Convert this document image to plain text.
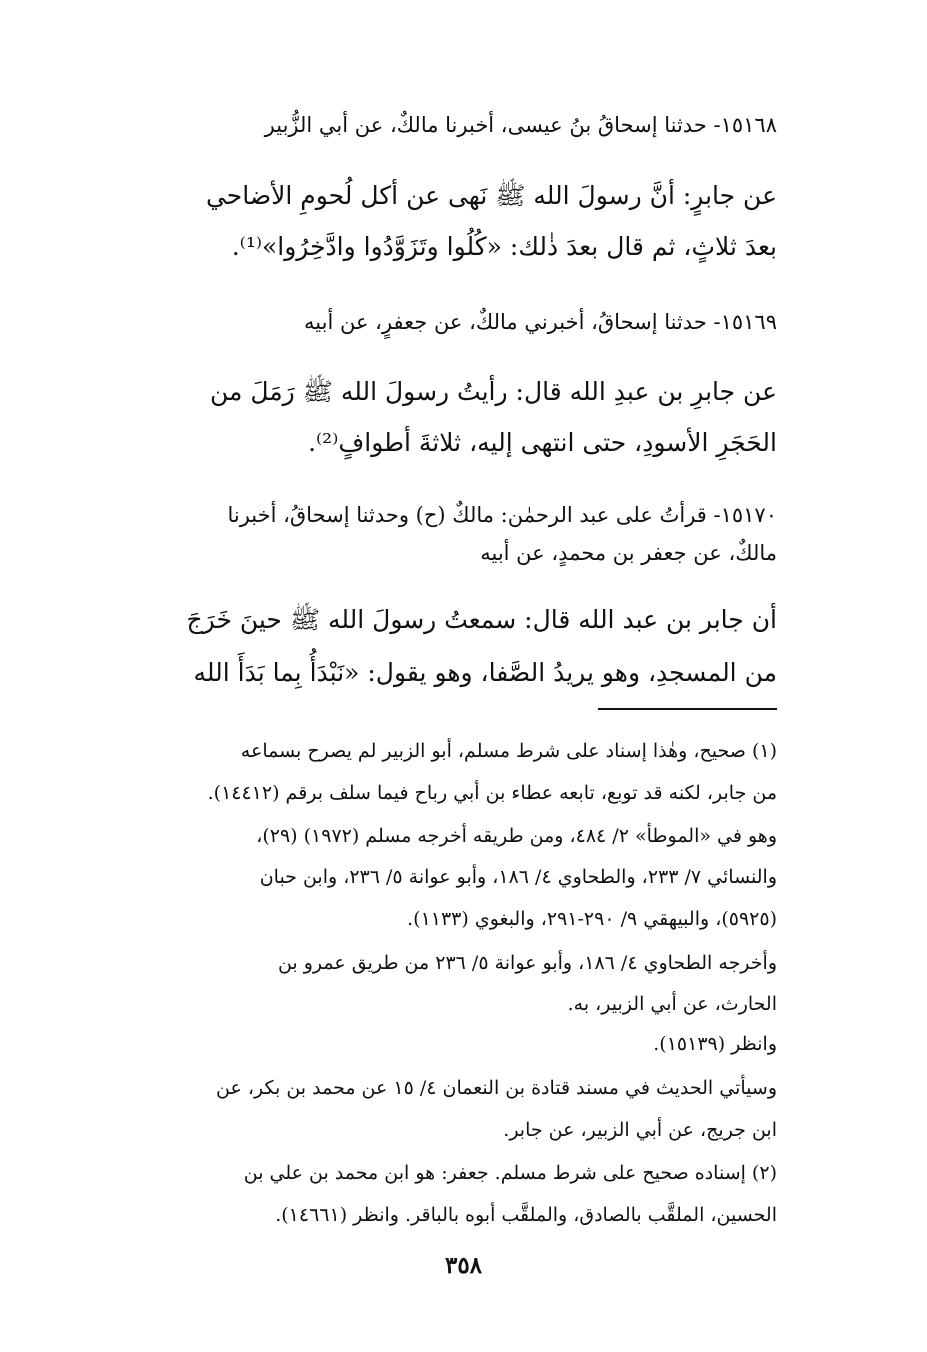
١٥١٦٨- حدثنا إسحاقُ بنُ عيسى، أخبرنا مالكٌ، عن أبي الزُّبير
عن جابرٍ: أنَّ رسولَ الله ﷺ نَهى عن أكل لُحومِ الأضاحي
بعدَ ثلاثٍ، ثم قال بعدَ ذٰلك: «كُلُوا وتَزَوَّدُوا وادَّخِرُوا»⁽¹⁾.
١٥١٦٩- حدثنا إسحاقُ، أخبرني مالكٌ، عن جعفرٍ، عن أبيه
عن جابرِ بن عبدِ الله قال: رأيتُ رسولَ الله ﷺ رَمَلَ من
الحَجَرِ الأسودِ، حتى انتهى إليه، ثلاثةَ أطوافٍ⁽²⁾.
١٥١٧٠- قرأتُ على عبد الرحمٰن: مالكٌ (ح) وحدثنا إسحاقُ، أخبرنا
مالكٌ، عن جعفر بن محمدٍ، عن أبيه
أن جابر بن عبد الله قال: سمعتُ رسولَ الله ﷺ حينَ خَرَجَ
من المسجدِ، وهو يريدُ الصَّفا، وهو يقول: «نَبْدَأُ بِما بَدَأَ الله
(١) صحيح، وهٰذا إسناد على شرط مسلم، أبو الزبير لم يصرح بسماعه
من جابر، لكنه قد توبع، تابعه عطاء بن أبي رباح فيما سلف برقم (١٤٤١٢).
وهو في «الموطأ» ٢/ ٤٨٤، ومن طريقه أخرجه مسلم (١٩٧٢) (٢٩)،
والنسائي ٧/ ٢٣٣، والطحاوي ٤/ ١٨٦، وأبو عوانة ٥/ ٢٣٦، وابن حبان
(٥٩٢٥)، والبيهقي ٩/ ٢٩٠-٢٩١، والبغوي (١١٣٣).
وأخرجه الطحاوي ٤/ ١٨٦، وأبو عوانة ٥/ ٢٣٦ من طريق عمرو بن
الحارث، عن أبي الزبير، به.
وانظر (١٥١٣٩).
وسيأتي الحديث في مسند قتادة بن النعمان ٤/ ١٥ عن محمد بن بكر، عن
ابن جريج، عن أبي الزبير، عن جابر.
(٢) إسناده صحيح على شرط مسلم. جعفر: هو ابن محمد بن علي بن
الحسين، الملقَّب بالصادق، والملقَّب أبوه بالباقر. وانظر (١٤٦٦١).
٣٥٨
